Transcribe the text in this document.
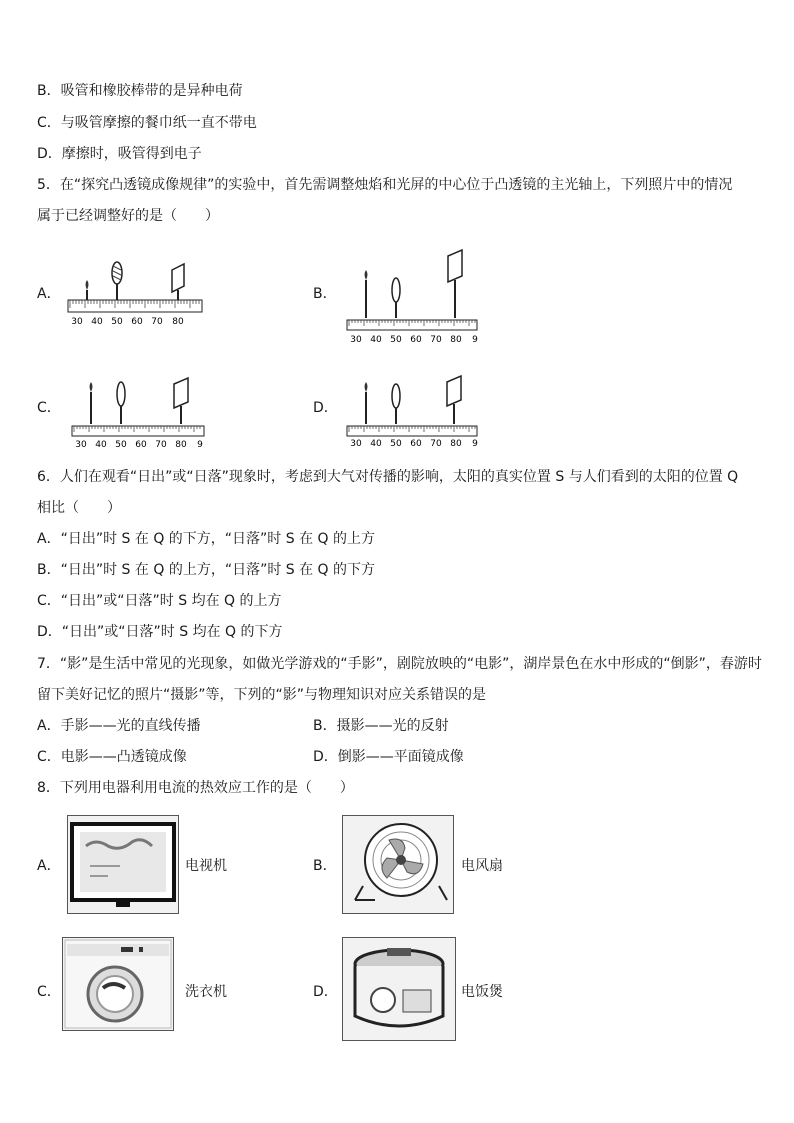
B．吸管和橡胶棒带的是异种电荷
C．与吸管摩擦的餐巾纸一直不带电
D．摩擦时，吸管得到电子
5．在“探究凸透镜成像规律”的实验中，首先需调整烛焰和光屏的中心位于凸透镜的主光轴上，下列照片中的情况
属于已经调整好的是（　　）
A．	B．
C．	D．
30 40 50 60 70 80
30 40 50 60 70 80 9
30 40 50 60 70 80 9	30 40 50 60 70 80 9
6．人们在观看“日出”或“日落”现象时，考虑到大气对传播的影响，太阳的真实位置 S 与人们看到的太阳的位置 Q
相比（　　）
A．“日出”时 S 在 Q 的下方，“日落”时 S 在 Q 的上方
B．“日出”时 S 在 Q 的上方，“日落”时 S 在 Q 的下方
C．“日出”或“日落”时 S 均在 Q 的上方
D．“日出”或“日落”时 S 均在 Q 的下方
7．“影”是生活中常见的光现象，如做光学游戏的“手影”，剧院放映的“电影”，湖岸景色在水中形成的“倒影”，春游时
留下美好记忆的照片“摄影”等，下列的“影”与物理知识对应关系错误的是
A．手影——光的直线传播	B．摄影——光的反射
C．电影——凸透镜成像	D．倒影——平面镜成像
8．下列用电器利用电流的热效应工作的是（　　）
A．	电视机	B．	电风扇
C．	洗衣机	D．	电饭煲
